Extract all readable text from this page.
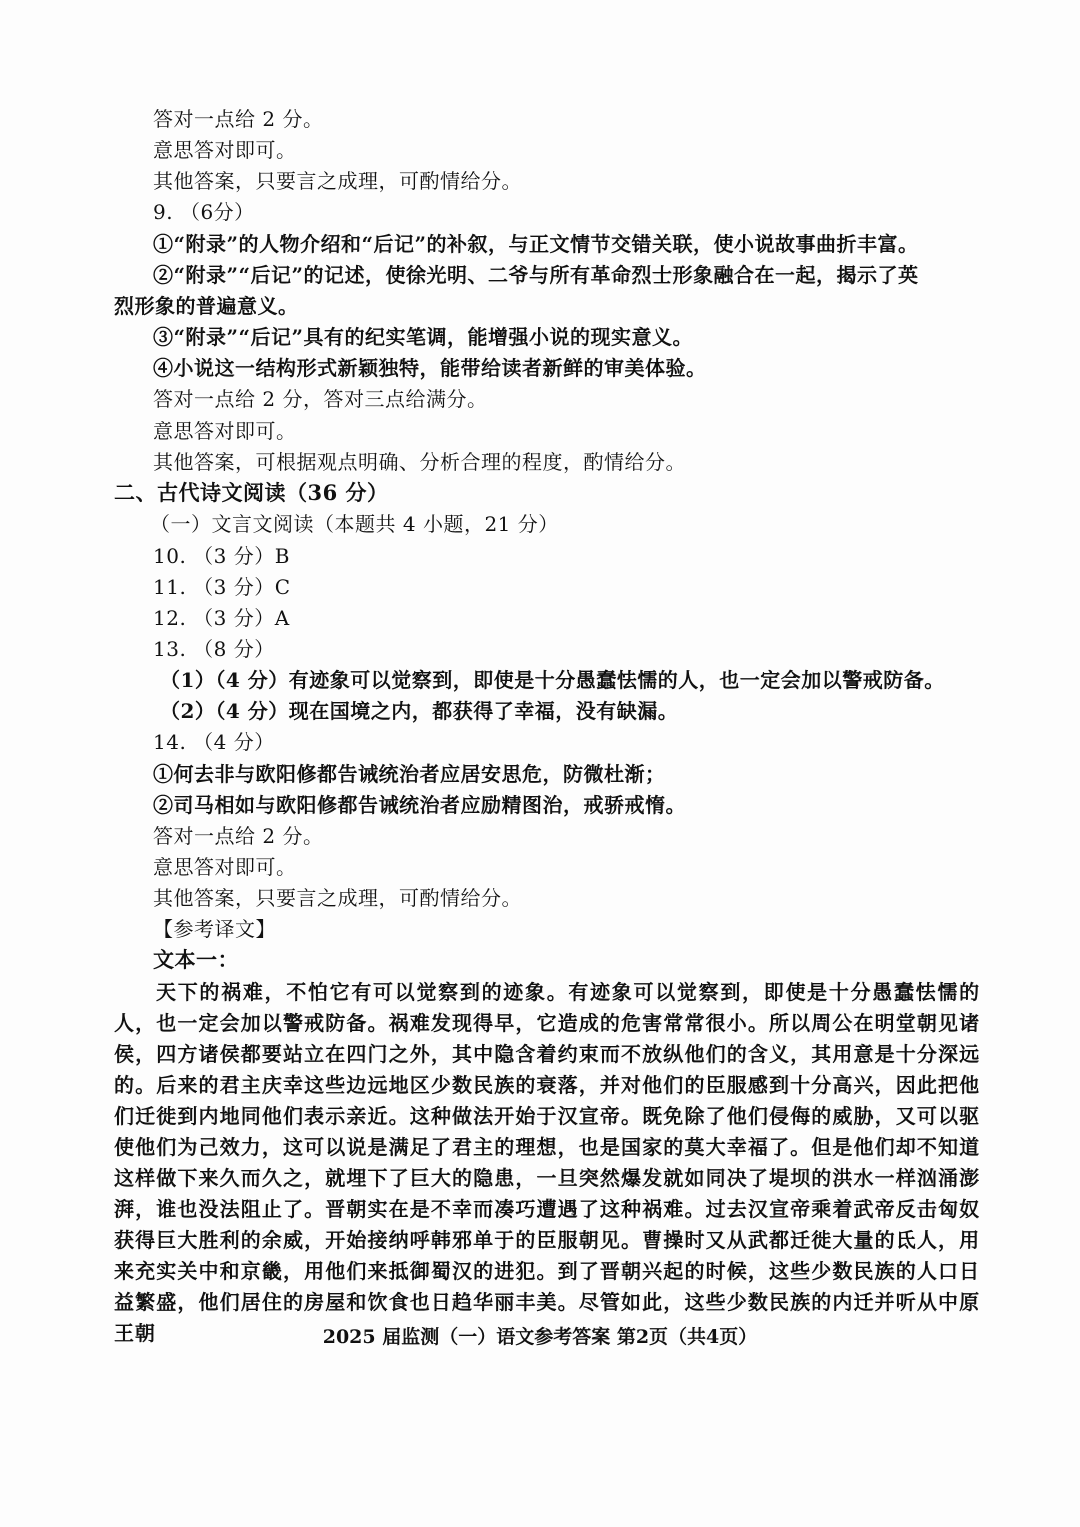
答对一点给 2 分。
意思答对即可。
其他答案，只要言之成理，可酌情给分。
9. （6分）
①“附录”的人物介绍和“后记”的补叙，与正文情节交错关联，使小说故事曲折丰富。
②“附录”“后记”的记述，使徐光明、二爷与所有革命烈士形象融合在一起，揭示了英
烈形象的普遍意义。
③“附录”“后记”具有的纪实笔调，能增强小说的现实意义。
④小说这一结构形式新颖独特，能带给读者新鲜的审美体验。
答对一点给 2 分，答对三点给满分。
意思答对即可。
其他答案，可根据观点明确、分析合理的程度，酌情给分。
二、古代诗文阅读（36 分）
（一）文言文阅读（本题共 4 小题，21 分）
10. （3 分）B
11. （3 分）C
12. （3 分）A
13. （8 分）
（1）（4 分）有迹象可以觉察到，即使是十分愚蠢怯懦的人，也一定会加以警戒防备。
（2）（4 分）现在国境之内，都获得了幸福，没有缺漏。
14. （4 分）
①何去非与欧阳修都告诫统治者应居安思危，防微杜渐；
②司马相如与欧阳修都告诫统治者应励精图治，戒骄戒惰。
答对一点给 2 分。
意思答对即可。
其他答案，只要言之成理，可酌情给分。
【参考译文】
文本一：
天下的祸难，不怕它有可以觉察到的迹象。有迹象可以觉察到，即使是十分愚蠢怯懦的人，也一定会加以警戒防备。祸难发现得早，它造成的危害常常很小。所以周公在明堂朝见诸侯，四方诸侯都要站立在四门之外，其中隐含着约束而不放纵他们的含义，其用意是十分深远的。后来的君主庆幸这些边远地区少数民族的衰落，并对他们的臣服感到十分高兴，因此把他们迁徙到内地同他们表示亲近。这种做法开始于汉宣帝。既免除了他们侵侮的威胁，又可以驱使他们为己效力，这可以说是满足了君主的理想，也是国家的莫大幸福了。但是他们却不知道这样做下来久而久之，就埋下了巨大的隐患，一旦突然爆发就如同决了堤坝的洪水一样汹涌澎湃，谁也没法阻止了。晋朝实在是不幸而凑巧遭遇了这种祸难。过去汉宣帝乘着武帝反击匈奴获得巨大胜利的余威，开始接纳呼韩邪单于的臣服朝见。曹操时又从武都迁徙大量的氐人，用来充实关中和京畿，用他们来抵御蜀汉的进犯。到了晋朝兴起的时候，这些少数民族的人口日益繁盛，他们居住的房屋和饮食也日趋华丽丰美。尽管如此，这些少数民族的内迁并听从中原王朝	2025 届监测（一）语文参考答案 第2页（共4页）
